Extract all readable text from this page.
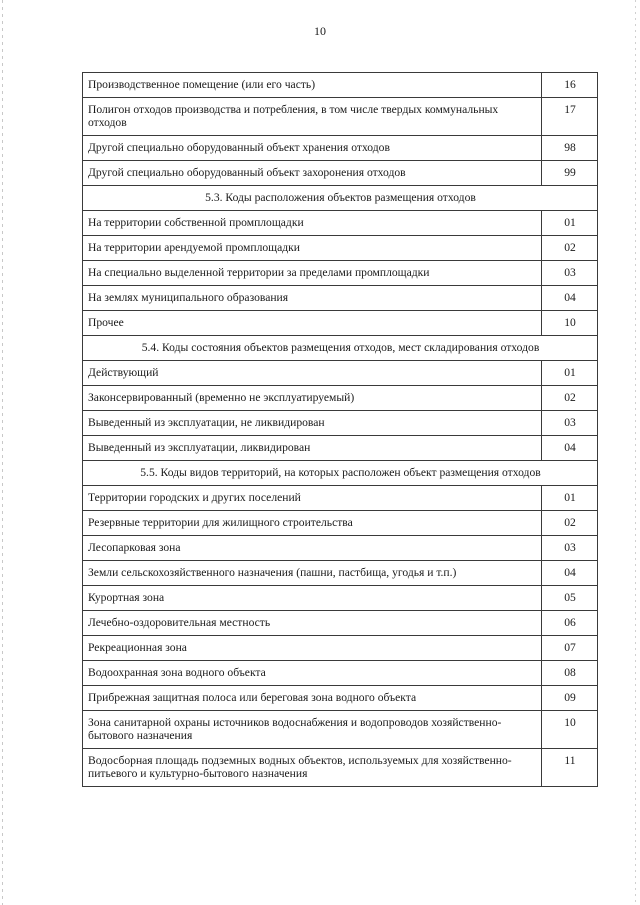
10
Производственное помещение (или его часть)	16
Полигон отходов производства и потребления, в том числе твердых коммунальных отходов	17
Другой специально оборудованный объект хранения отходов	98
Другой специально оборудованный объект захоронения отходов	99
5.3. Коды расположения объектов размещения отходов	
На территории собственной промплощадки	01
На территории арендуемой промплощадки	02
На специально выделенной территории за пределами промплощадки	03
На землях муниципального образования	04
Прочее	10
5.4. Коды состояния объектов размещения отходов, мест складирования отходов	
Действующий	01
Законсервированный (временно не эксплуатируемый)	02
Выведенный из эксплуатации, не ликвидирован	03
Выведенный из эксплуатации, ликвидирован	04
5.5. Коды видов территорий, на которых расположен объект размещения отходов	
Территории городских и других поселений	01
Резервные территории для жилищного строительства	02
Лесопарковая зона	03
Земли сельскохозяйственного назначения (пашни, пастбища, угодья и т.п.)	04
Курортная зона	05
Лечебно-оздоровительная местность	06
Рекреационная зона	07
Водоохранная зона водного объекта	08
Прибрежная защитная полоса или береговая зона водного объекта	09
Зона санитарной охраны источников водоснабжения и водопроводов хозяйственно-бытового назначения	10
Водосборная площадь подземных водных объектов, используемых для хозяйственно-питьевого и культурно-бытового назначения	11
